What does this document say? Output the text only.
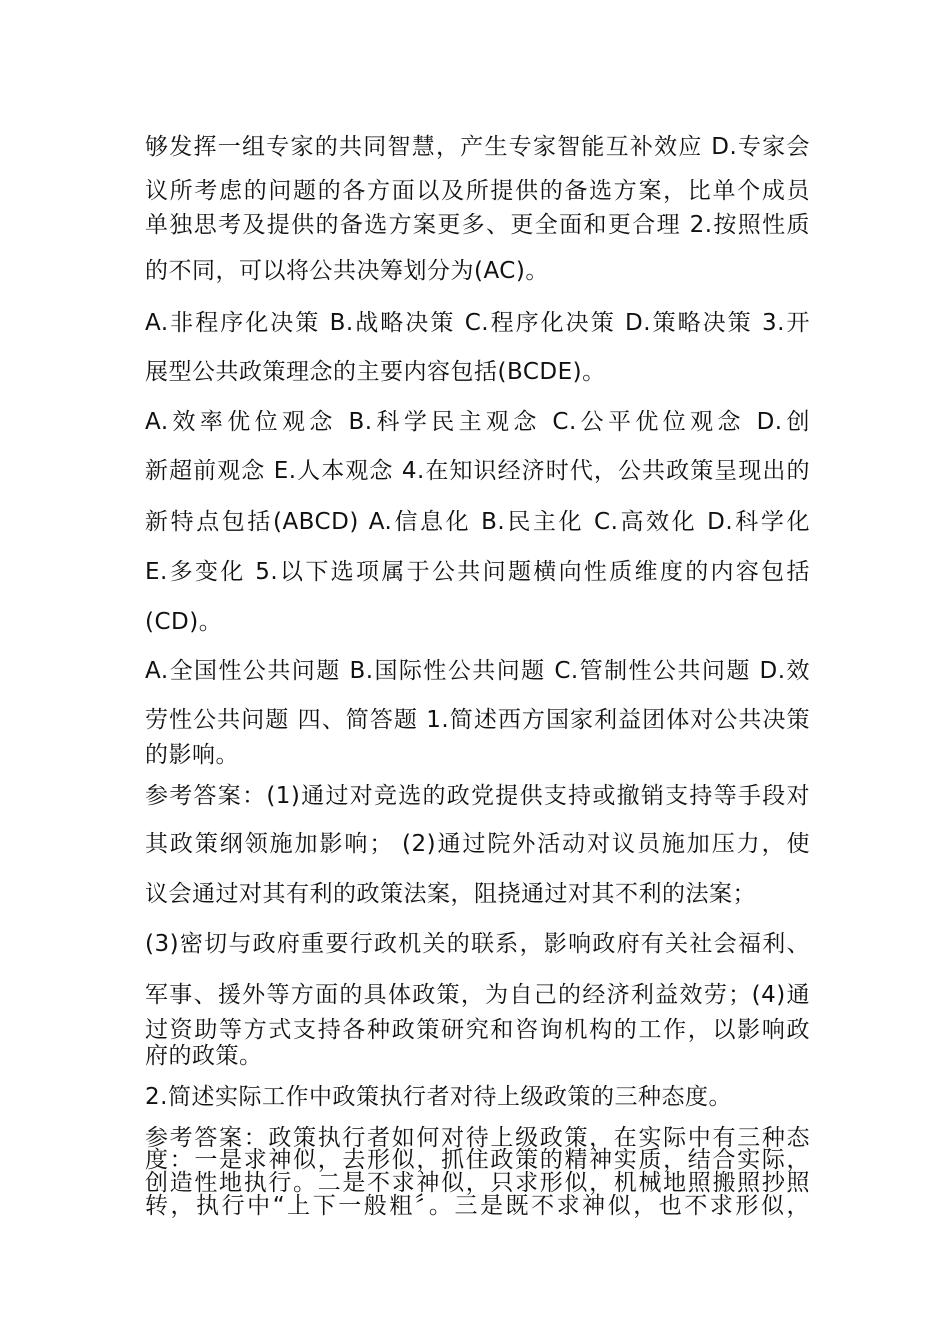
够发挥一组专家的共同智慧，产生专家智能互补效应 D.专家会
议所考虑的问题的各方面以及所提供的备选方案，比单个成员
单独思考及提供的备选方案更多、更全面和更合理 2.按照性质
的不同，可以将公共决筹划分为(AC)。
A.非程序化决策 B.战略决策 C.程序化决策 D.策略决策 3.开
展型公共政策理念的主要内容包括(BCDE)。
A.效率优位观念 B.科学民主观念 C.公平优位观念 D.创
新超前观念 E.人本观念 4.在知识经济时代，公共政策呈现出的
新特点包括(ABCD) A.信息化 B.民主化 C.高效化 D.科学化
E.多变化 5.以下选项属于公共问题横向性质维度的内容包括
(CD)。
A.全国性公共问题 B.国际性公共问题 C.管制性公共问题 D.效
劳性公共问题 四、简答题 1.简述西方国家利益团体对公共决策
的影响。
参考答案：(1)通过对竞选的政党提供支持或撤销支持等手段对
其政策纲领施加影响； (2)通过院外活动对议员施加压力，使
议会通过对其有利的政策法案，阻挠通过对其不利的法案；
(3)密切与政府重要行政机关的联系，影响政府有关社会福利、
军事、援外等方面的具体政策，为自己的经济利益效劳；(4)通
过资助等方式支持各种政策研究和咨询机构的工作，以影响政
府的政策。
2.简述实际工作中政策执行者对待上级政策的三种态度。
参考答案：政策执行者如何对待上级政策，在实际中有三种态
度：一是求神似，去形似，抓住政策的精神实质，结合实际，
创造性地执行。二是不求神似，只求形似，机械地照搬照抄照
转，执行中“上下一般粗〞。三是既不求神似，也不求形似，
